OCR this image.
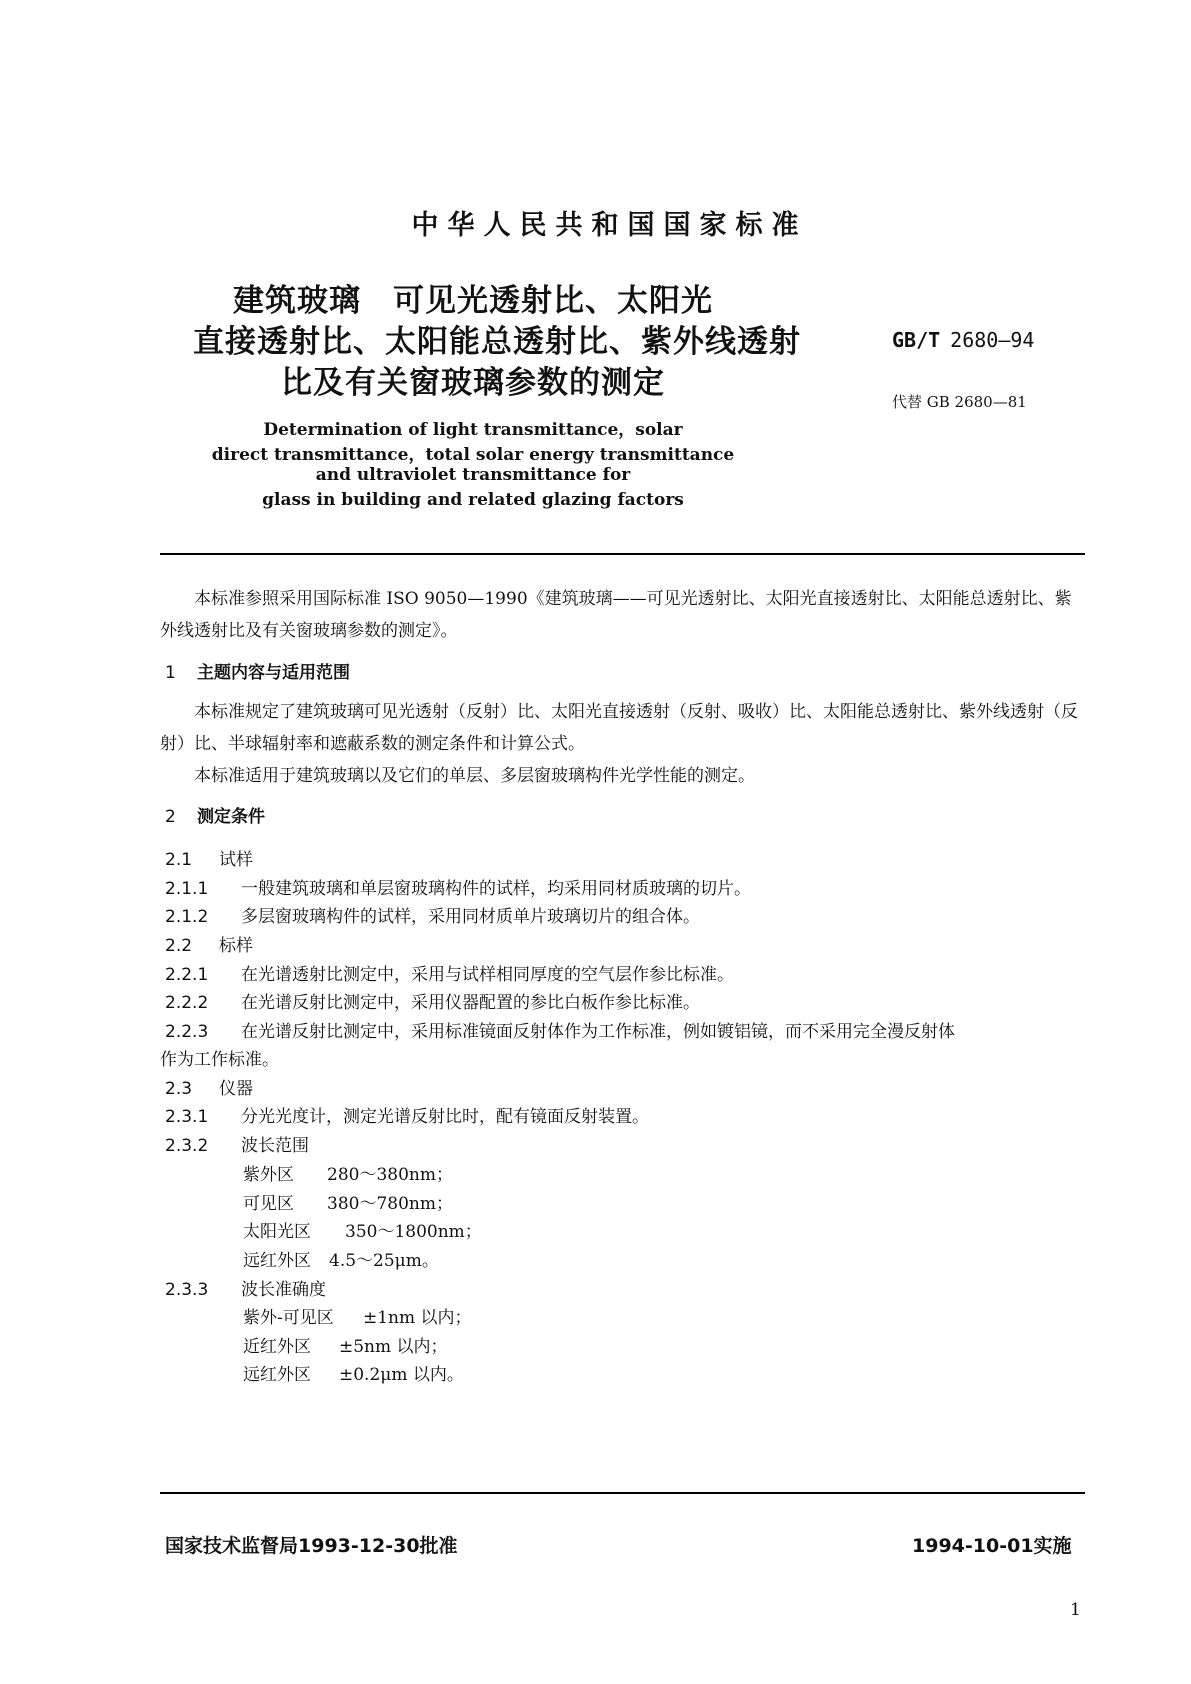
中华人民共和国国家标准
建筑玻璃　可见光透射比、太阳光
直接透射比、太阳能总透射比、紫外线透射
比及有关窗玻璃参数的测定
Determination of light transmittance，solar
direct transmittance，total solar energy transmittance
and ultraviolet transmittance for
glass in building and related glazing factors
GB/T 2680—94
代替 GB 2680—81
本标准参照采用国际标准 ISO 9050—1990《建筑玻璃——可见光透射比、太阳光直接透射比、太阳能总透射比、紫外线透射比及有关窗玻璃参数的测定》。
1 主题内容与适用范围
本标准规定了建筑玻璃可见光透射（反射）比、太阳光直接透射（反射、吸收）比、太阳能总透射比、紫外线透射（反射）比、半球辐射率和遮蔽系数的测定条件和计算公式。
本标准适用于建筑玻璃以及它们的单层、多层窗玻璃构件光学性能的测定。
2 测定条件
2.1 试样
2.1.1 一般建筑玻璃和单层窗玻璃构件的试样，均采用同材质玻璃的切片。
2.1.2 多层窗玻璃构件的试样，采用同材质单片玻璃切片的组合体。
2.2 标样
2.2.1 在光谱透射比测定中，采用与试样相同厚度的空气层作参比标准。
2.2.2 在光谱反射比测定中，采用仪器配置的参比白板作参比标准。
2.2.3 在光谱反射比测定中，采用标准镜面反射体作为工作标准，例如镀铝镜，而不采用完全漫反射体
作为工作标准。
2.3 仪器
2.3.1 分光光度计，测定光谱反射比时，配有镜面反射装置。
2.3.2 波长范围
紫外区 280～380nm；
可见区 380～780nm；
太阳光区 350～1800nm；
远红外区 4.5～25μm。
2.3.3 波长准确度
紫外-可见区 ±1nm 以内；
近红外区 ±5nm 以内；
远红外区 ±0.2μm 以内。
国家技术监督局1993-12-30批准	1994-10-01实施
1
